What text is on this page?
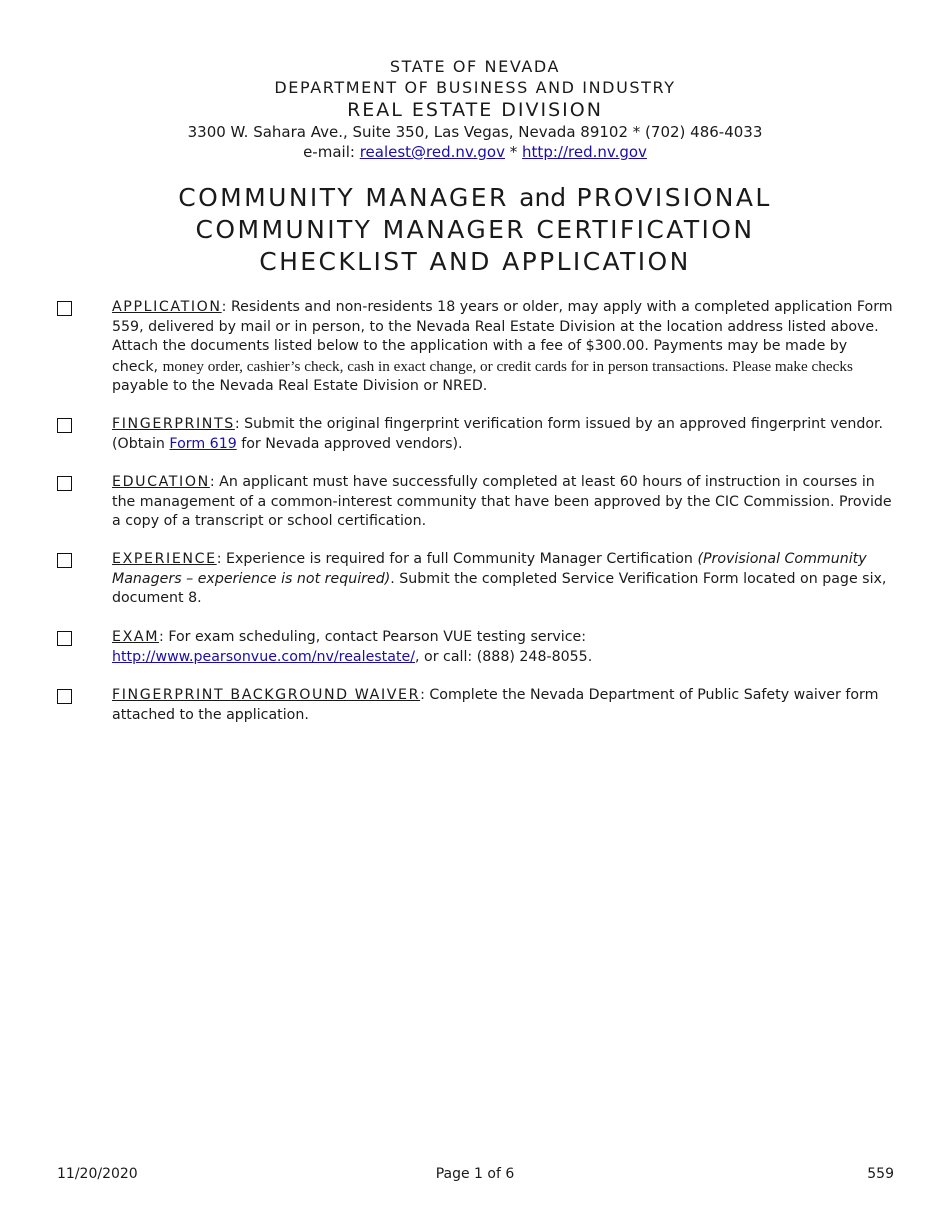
STATE OF NEVADA
DEPARTMENT OF BUSINESS AND INDUSTRY
REAL ESTATE DIVISION
3300 W. Sahara Ave., Suite 350, Las Vegas, Nevada 89102 * (702) 486-4033
e-mail: realest@red.nv.gov * http://red.nv.gov
COMMUNITY MANAGER and PROVISIONAL
COMMUNITY MANAGER CERTIFICATION
CHECKLIST AND APPLICATION
APPLICATION: Residents and non-residents 18 years or older, may apply with a completed application Form 559, delivered by mail or in person, to the Nevada Real Estate Division at the location address listed above. Attach the documents listed below to the application with a fee of $300.00. Payments may be made by check, money order, cashier’s check, cash in exact change, or credit cards for in person transactions. Please make checks payable to the Nevada Real Estate Division or NRED.
FINGERPRINTS: Submit the original fingerprint verification form issued by an approved fingerprint vendor. (Obtain Form 619 for Nevada approved vendors).
EDUCATION: An applicant must have successfully completed at least 60 hours of instruction in courses in the management of a common-interest community that have been approved by the CIC Commission. Provide a copy of a transcript or school certification.
EXPERIENCE: Experience is required for a full Community Manager Certification (Provisional Community Managers – experience is not required). Submit the completed Service Verification Form located on page six, document 8.
EXAM: For exam scheduling, contact Pearson VUE testing service: http://www.pearsonvue.com/nv/realestate/, or call: (888) 248-8055.
FINGERPRINT BACKGROUND WAIVER: Complete the Nevada Department of Public Safety waiver form attached to the application.
11/20/2020	Page 1 of 6	559
